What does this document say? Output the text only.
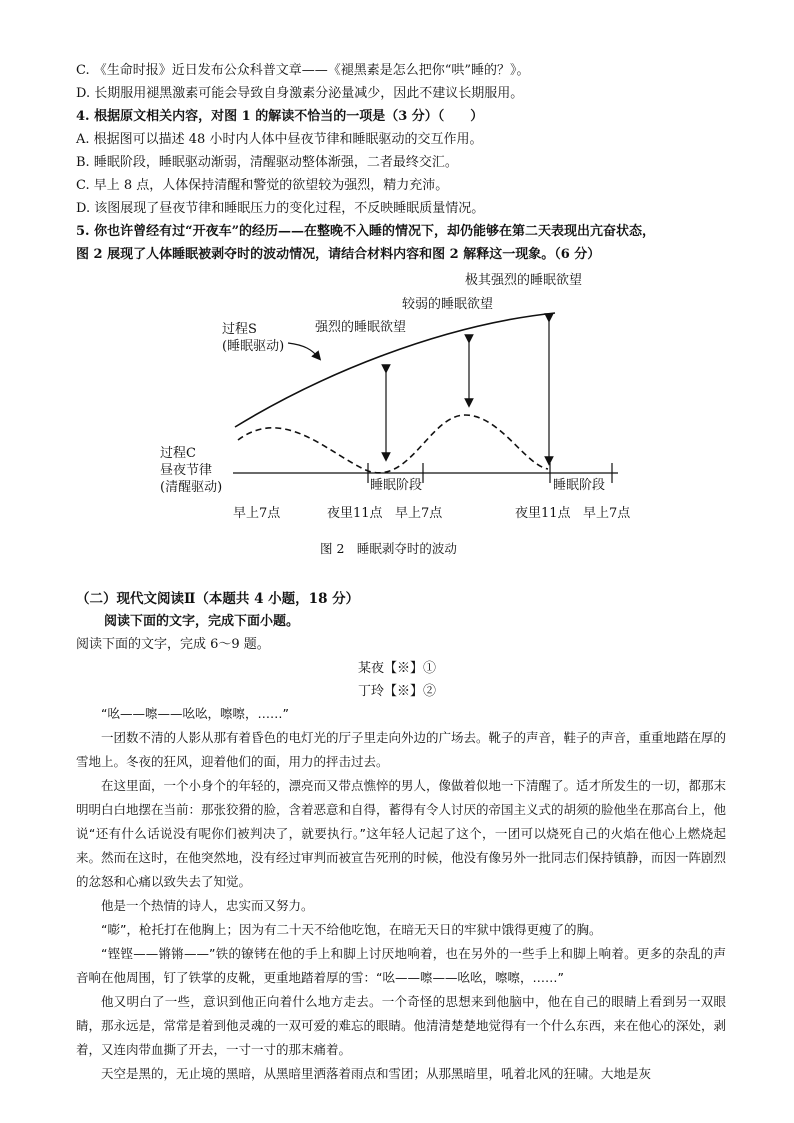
C. 《生命时报》近日发布公众科普文章——《褪黑素是怎么把你“哄”睡的？》。
D. 长期服用褪黑激素可能会导致自身激素分泌量减少，因此不建议长期服用。
4. 根据原文相关内容，对图 1 的解读不恰当的一项是（3 分）（　　）
A. 根据图可以描述 48 小时内人体中昼夜节律和睡眠驱动的交互作用。
B. 睡眠阶段，睡眠驱动渐弱，清醒驱动整体渐强，二者最终交汇。
C. 早上 8 点，人体保持清醒和警觉的欲望较为强烈，精力充沛。
D. 该图展现了昼夜节律和睡眠压力的变化过程，不反映睡眠质量情况。
5. 你也许曾经有过“开夜车”的经历——在整晚不入睡的情况下，却仍能够在第二天表现出亢奋状态，
图 2 展现了人体睡眠被剥夺时的波动情况，请结合材料内容和图 2 解释这一现象。（6 分）
极其强烈的睡眠欲望
较弱的睡眠欲望
强烈的睡眠欲望
过程S
(睡眠驱动)
过程C
昼夜节律
(清醒驱动)	睡眠阶段	睡眠阶段
早上7点	夜里11点 早上7点	夜里11点 早上7点
图 2　睡眠剥夺时的波动
（二）现代文阅读Ⅱ（本题共 4 小题，18 分）
阅读下面的文字，完成下面小题。
阅读下面的文字，完成 6～9 题。
某夜【※】①
丁玲【※】②

“吆——嚓——吆吆，嚓嚓，……”

一团数不清的人影从那有着昏色的电灯光的厅子里走向外边的广场去。靴子的声音，鞋子的声音，重重地踏在厚的雪地上。冬夜的狂风，迎着他们的面，用力的抨击过去。

在这里面，一个小身个的年轻的，漂亮而又带点憔悴的男人，像做着似地一下清醒了。适才所发生的一切，都那末明明白白地摆在当前：那张狡猾的脸，含着恶意和自得，蓄得有令人讨厌的帝国主义式的胡须的脸他坐在那高台上，他说“还有什么话说没有呢你们被判决了，就要执行。”这年轻人记起了这个，一团可以烧死自己的火焰在他心上燃烧起来。然而在这时，在他突然地，没有经过审判而被宣告死刑的时候，他没有像另外一批同志们保持镇静，而因一阵剧烈的忿怒和心痛以致失去了知觉。

他是一个热情的诗人，忠实而又努力。

“嘭”，枪托打在他胸上；因为有二十天不给他吃饱，在暗无天日的牢狱中饿得更瘦了的胸。

“铿铿——锵锵——”铁的镣铐在他的手上和脚上讨厌地响着，也在另外的一些手上和脚上响着。更多的杂乱的声音响在他周围，钉了铁掌的皮靴，更重地踏着厚的雪：“吆——嚓——吆吆，嚓嚓，……”

他又明白了一些，意识到他正向着什么地方走去。一个奇怪的思想来到他脑中，他在自己的眼睛上看到另一双眼睛，那永远是，常常是着到他灵魂的一双可爱的难忘的眼睛。他清清楚楚地觉得有一个什么东西，来在他心的深处，剥着，又连肉带血撕了开去，一寸一寸的那末痛着。

天空是黑的，无止境的黑暗，从黑暗里洒落着雨点和雪团；从那黑暗里，吼着北风的狂啸。大地是灰
